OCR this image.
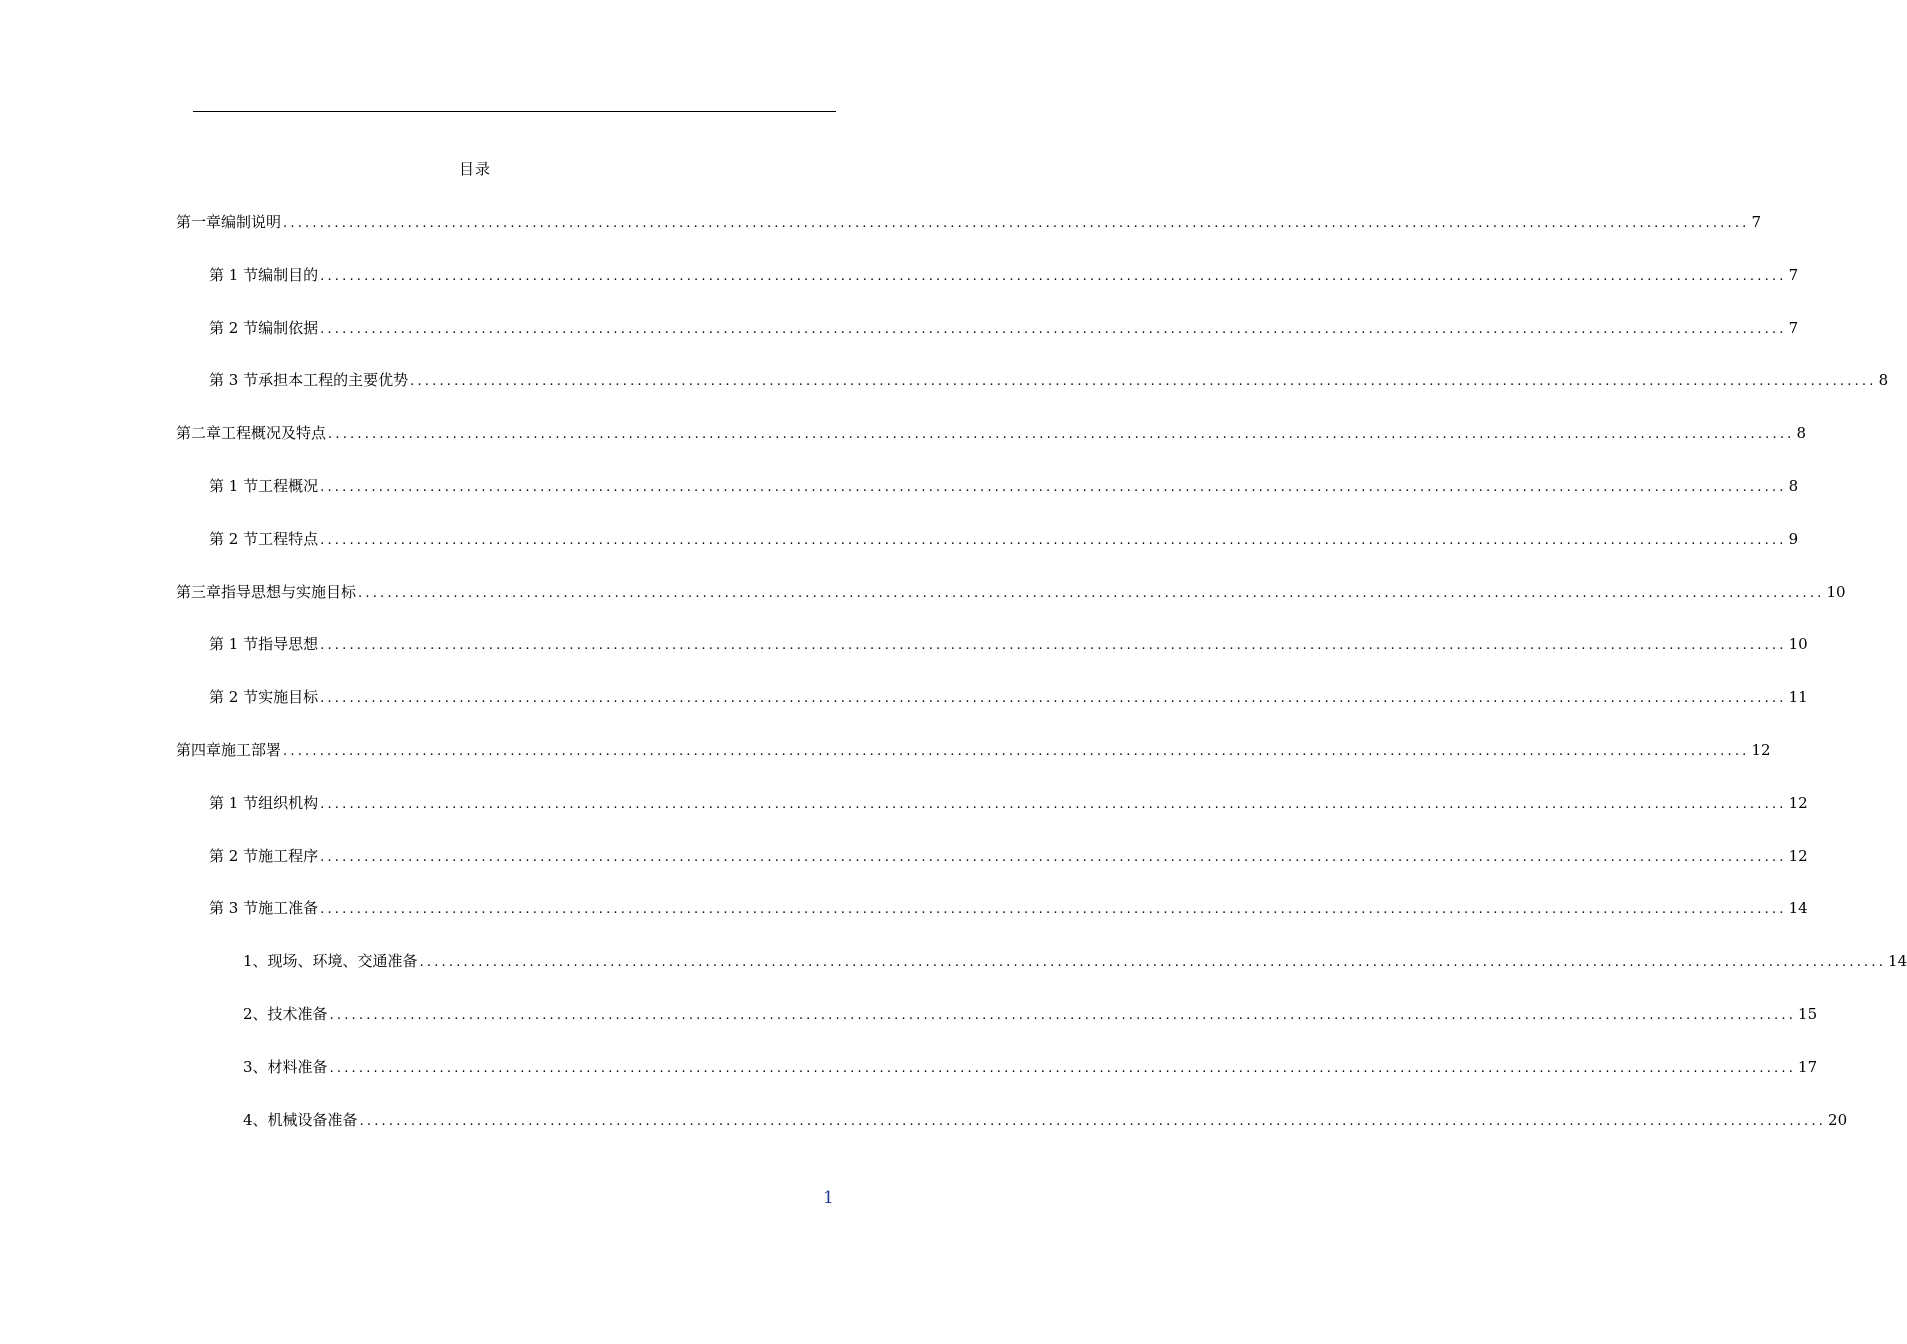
目录
第一章 编制说明 ........................................................................................................................................................................................................ 7
第 1 节 编制目的 ........................................................................................................................................................................................................ 7
第 2 节 编制依据 ........................................................................................................................................................................................................ 7
第 3 节 承担本工程的主要优势 ........................................................................................................................................................................................................ 8
第二章 工程概况及特点 ........................................................................................................................................................................................................ 8
第 1 节 工程概况 ........................................................................................................................................................................................................ 8
第 2 节 工程特点 ........................................................................................................................................................................................................ 9
第三章 指导思想与实施目标 ........................................................................................................................................................................................................ 10
第 1 节 指导思想 ........................................................................................................................................................................................................ 10
第 2 节 实施目标 ........................................................................................................................................................................................................ 11
第四章 施工部署 ........................................................................................................................................................................................................ 12
第 1 节 组织机构 ........................................................................................................................................................................................................ 12
第 2 节 施工程序 ........................................................................................................................................................................................................ 12
第 3 节 施工准备 ........................................................................................................................................................................................................ 14
1、 现场、环境、交通准备 ........................................................................................................................................................................................................ 14
2、 技术准备 ........................................................................................................................................................................................................ 15
3、 材料准备 ........................................................................................................................................................................................................ 17
4、 机械设备准备 ........................................................................................................................................................................................................ 20
1
